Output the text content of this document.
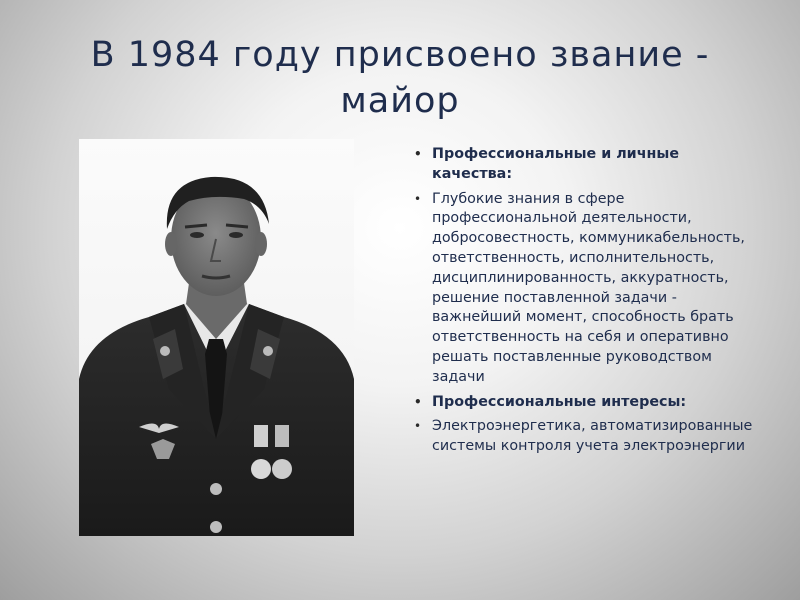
В 1984 году присвоено звание -
майор
• Профессиональные и личные качества:
• Глубокие знания в сфере профессиональной деятельности, добросовестность, коммуникабельность, ответственность, исполнительность, дисциплинированность, аккуратность, решение поставленной задачи - важнейший момент, способность брать ответственность на себя и оперативно решать поставленные руководством задачи
• Профессиональные интересы:
• Электроэнергетика, автоматизированные системы контроля учета электроэнергии
